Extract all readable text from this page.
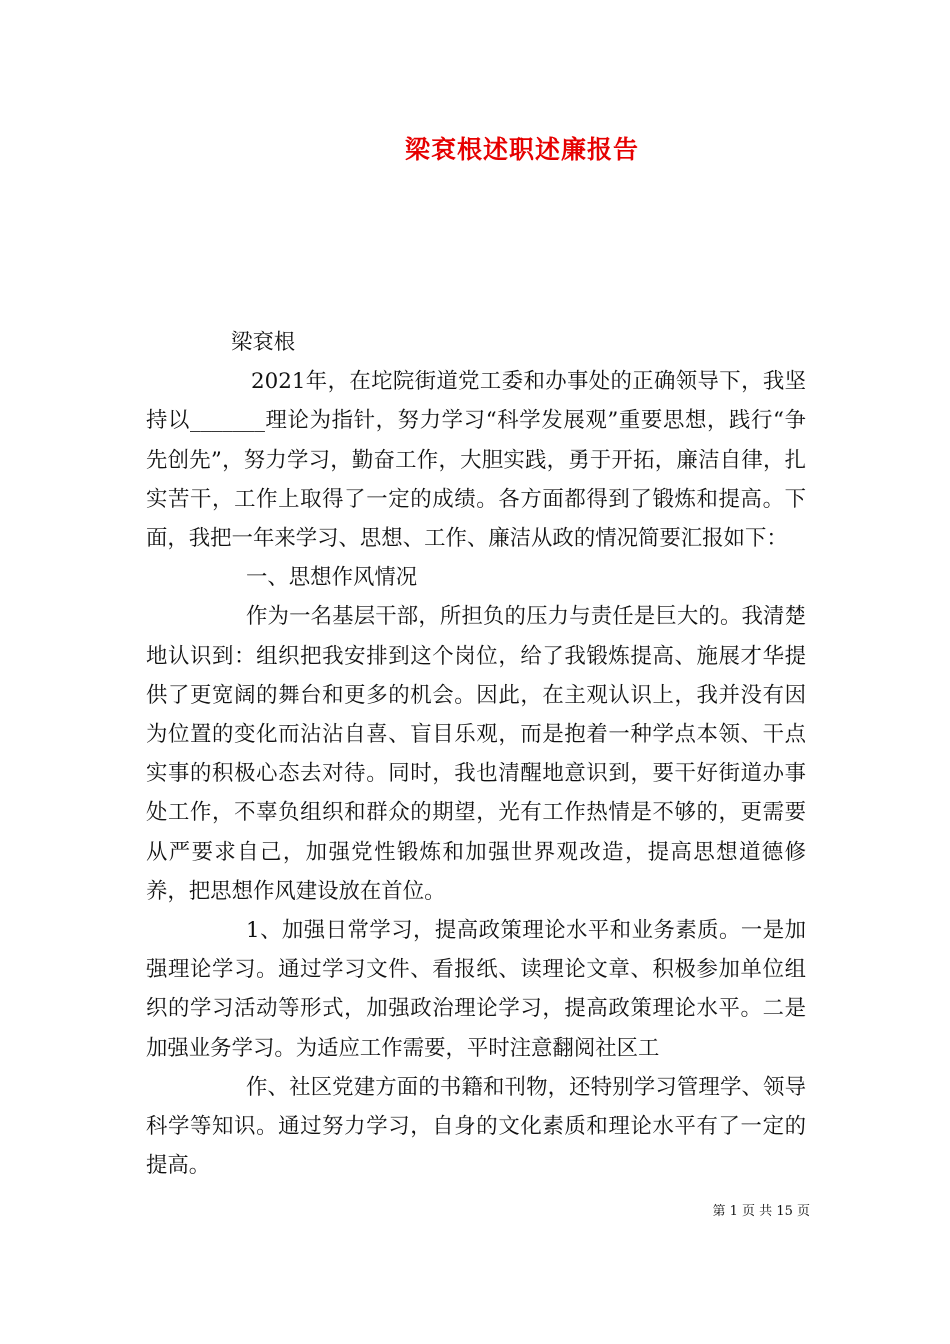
梁袞根述职述廉报告

梁袞根

2021年，在坨院街道党工委和办事处的正确领导下，我坚持以_______理论为指针，努力学习“科学发展观”重要思想，践行“争先创先”，努力学习，勤奋工作，大胆实践，勇于开拓，廉洁自律，扎实苦干，工作上取得了一定的成绩。各方面都得到了锻炼和提高。下面，我把一年来学习、思想、工作、廉洁从政的情况简要汇报如下：

一、思想作风情况

作为一名基层干部，所担负的压力与责任是巨大的。我清楚地认识到：组织把我安排到这个岗位，给了我锻炼提高、施展才华提供了更宽阔的舞台和更多的机会。因此，在主观认识上，我并没有因为位置的变化而沾沾自喜、盲目乐观，而是抱着一种学点本领、干点实事的积极心态去对待。同时，我也清醒地意识到，要干好街道办事处工作，不辜负组织和群众的期望，光有工作热情是不够的，更需要从严要求自己，加强党性锻炼和加强世界观改造，提高思想道德修养，把思想作风建设放在首位。

1、加强日常学习，提高政策理论水平和业务素质。一是加强理论学习。通过学习文件、看报纸、读理论文章、积极参加单位组织的学习活动等形式，加强政治理论学习，提高政策理论水平。二是加强业务学习。为适应工作需要，平时注意翻阅社区工

作、社区党建方面的书籍和刊物，还特别学习管理学、领导科学等知识。通过努力学习，自身的文化素质和理论水平有了一定的提高。

第 1 页 共 15 页
